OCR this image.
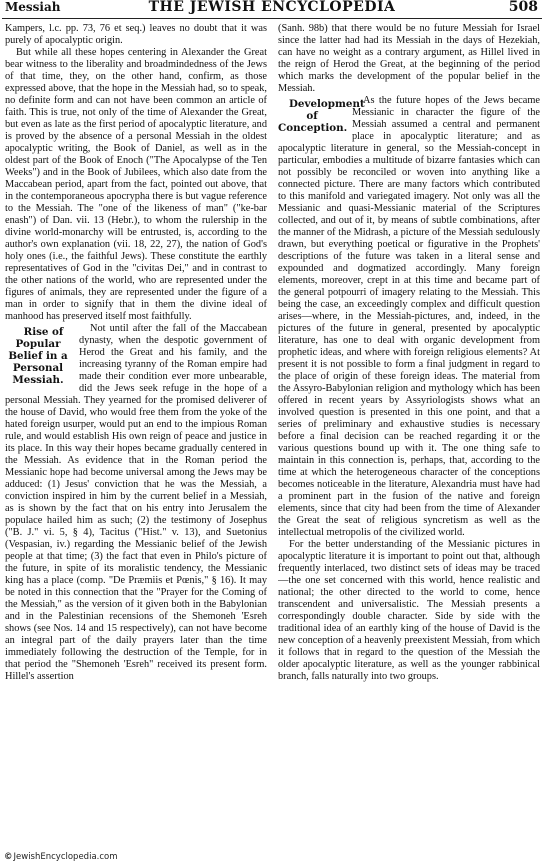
Messiah	THE JEWISH ENCYCLOPEDIA	508

Kampers, l.c. pp. 73, 76 et seq.) leaves no doubt that it was purely of apocalyptic origin.

But while all these hopes centering in Alexander the Great bear witness to the liberality and broadmindedness of the Jews of that time, they, on the other hand, confirm, as those expressed above, that the hope in the Messiah had, so to speak, no definite form and can not have been common an article of faith. This is true, not only of the time of Alexander the Great, but even as late as the first period of apocalyptic literature, and is proved by the absence of a personal Messiah in the oldest apocalyptic writing, the Book of Daniel, as well as in the oldest part of the Book of Enoch ("The Apocalypse of the Ten Weeks") and in the Book of Jubilees, which also date from the Maccabean period, apart from the fact, pointed out above, that in the contemporaneous apocrypha there is but vague reference to the Messiah. The "one of the likeness of man" ("ke-bar enash") of Dan. vii. 13 (Hebr.), to whom the rulership in the divine world-monarchy will be entrusted, is, according to the author's own explanation (vii. 18, 22, 27), the nation of God's holy ones (i.e., the faithful Jews). These constitute the earthly representatives of God in the "civitas Dei," and in contrast to the other nations of the world, who are represented under the figures of animals, they are represented under the figure of a man in order to signify that in them the divine ideal of manhood has preserved itself most faithfully.

Rise of Popular Belief in a Personal Messiah.
Not until after the fall of the Maccabean dynasty, when the despotic government of Herod the Great and his family, and the increasing tyranny of the Roman empire had made their condition ever more unbearable, did the Jews seek refuge in the hope of a personal Messiah. They yearned for the promised deliverer of the house of David, who would free them from the yoke of the hated foreign usurper, would put an end to the impious Roman rule, and would establish His own reign of peace and justice in its place. In this way their hopes became gradually centered in the Messiah. As evidence that in the Roman period the Messianic hope had become universal among the Jews may be adduced: (1) Jesus' conviction that he was the Messiah, a conviction inspired in him by the current belief in a Messiah, as is shown by the fact that on his entry into Jerusalem the populace hailed him as such; (2) the testimony of Josephus ("B. J." vi. 5, § 4), Tacitus ("Hist." v. 13), and Suetonius (Vespasian, iv.) regarding the Messianic belief of the Jewish people at that time; (3) the fact that even in Philo's picture of the future, in spite of its moralistic tendency, the Messianic king has a place (comp. "De Præmiis et Pœnis," § 16). It may be noted in this connection that the "Prayer for the Coming of the Messiah," as the version of it given both in the Babylonian and in the Palestinian recensions of the Shemoneh 'Esreh shows (see Nos. 14 and 15 respectively), can not have become an integral part of the daily prayers later than the time immediately following the destruction of the Temple, for in that period the "Shemoneh 'Esreh" received its present form. Hillel's assertion

(Sanh. 98b) that there would be no future Messiah for Israel since the latter had had its Messiah in the days of Hezekiah, can have no weight as a contrary argument, as Hillel lived in the reign of Herod the Great, at the beginning of the period which marks the development of the popular belief in the Messiah.

Development of Conception.
As the future hopes of the Jews became Messianic in character the figure of the Messiah assumed a central and permanent place in apocalyptic literature; and as apocalyptic literature in general, so the Messiah-concept in particular, embodies a multitude of bizarre fantasies which can not possibly be reconciled or woven into anything like a connected picture. There are many factors which contributed to this manifold and variegated imagery. Not only was all the Messianic and quasi-Messianic material of the Scriptures collected, and out of it, by means of subtle combinations, after the manner of the Midrash, a picture of the Messiah sedulously drawn, but everything poetical or figurative in the Prophets' descriptions of the future was taken in a literal sense and expounded and dogmatized accordingly. Many foreign elements, moreover, crept in at this time and became part of the general potpourri of imagery relating to the Messiah. This being the case, an exceedingly complex and difficult question arises—where, in the Messiah-pictures, and, indeed, in the pictures of the future in general, presented by apocalyptic literature, has one to deal with organic development from prophetic ideas, and where with foreign religious elements? At present it is not possible to form a final judgment in regard to the place of origin of these foreign ideas. The material from the Assyro-Babylonian religion and mythology which has been offered in recent years by Assyriologists shows what an involved question is presented in this one point, and that a series of preliminary and exhaustive studies is necessary before a final decision can be reached regarding it or the various questions bound up with it. The one thing safe to maintain in this connection is, perhaps, that, according to the time at which the heterogeneous character of the conceptions becomes noticeable in the literature, Alexandria must have had a prominent part in the fusion of the native and foreign elements, since that city had been from the time of Alexander the Great the seat of religious syncretism as well as the intellectual metropolis of the civilized world.

For the better understanding of the Messianic pictures in apocalyptic literature it is important to point out that, although frequently interlaced, two distinct sets of ideas may be traced—the one set concerned with this world, hence realistic and national; the other directed to the world to come, hence transcendent and universalistic. The Messiah presents a correspondingly double character. Side by side with the traditional idea of an earthly king of the house of David is the new conception of a heavenly preexistent Messiah, from which it follows that in regard to the question of the Messiah the older apocalyptic literature, as well as the younger rabbinical branch, falls naturally into two groups.

©JewishEncyclopedia.com
